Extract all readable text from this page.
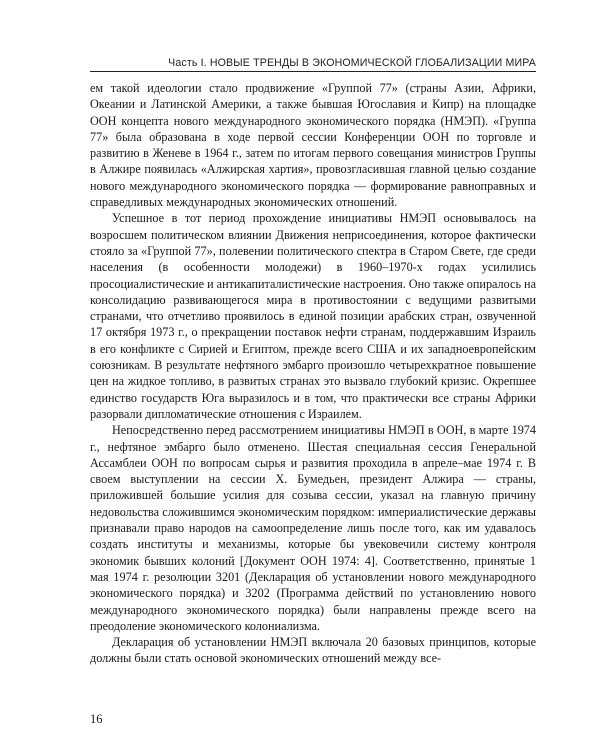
Часть I. НОВЫЕ ТРЕНДЫ В ЭКОНОМИЧЕСКОЙ ГЛОБАЛИЗАЦИИ МИРА

ем такой идеологии стало продвижение «Группой 77» (страны Азии, Африки, Океании и Латинской Америки, а также бывшая Югославия и Кипр) на площадке ООН концепта нового международного экономического порядка (НМЭП). «Группа 77» была образована в ходе первой сессии Конференции ООН по торговле и развитию в Женеве в 1964 г., затем по итогам первого совещания министров Группы в Алжире появилась «Алжирская хартия», провозгласившая главной целью создание нового международного экономического порядка — формирование равноправных и справедливых международных экономических отношений.

Успешное в тот период прохождение инициативы НМЭП основывалось на возросшем политическом влиянии Движения неприсоединения, которое фактически стояло за «Группой 77», полевении политического спектра в Старом Свете, где среди населения (в особенности молодежи) в 1960–1970-х годах усилились просоциалистические и антикапиталистические настроения. Оно также опиралось на консолидацию развивающегося мира в противостоянии с ведущими развитыми странами, что отчетливо проявилось в единой позиции арабских стран, озвученной 17 октября 1973 г., о прекращении поставок нефти странам, поддержавшим Израиль в его конфликте с Сирией и Египтом, прежде всего США и их западноевропейским союзникам. В результате нефтяного эмбарго произошло четырехкратное повышение цен на жидкое топливо, в развитых странах это вызвало глубокий кризис. Окрепшее единство государств Юга выразилось и в том, что практически все страны Африки разорвали дипломатические отношения с Израилем.

Непосредственно перед рассмотрением инициативы НМЭП в ООН, в марте 1974 г., нефтяное эмбарго было отменено. Шестая специальная сессия Генеральной Ассамблеи ООН по вопросам сырья и развития проходила в апреле–мае 1974 г. В своем выступлении на сессии Х. Бумедьен, президент Алжира — страны, приложившей большие усилия для созыва сессии, указал на главную причину недовольства сложившимся экономическим порядком: империалистические державы признавали право народов на самоопределение лишь после того, как им удавалось создать институты и механизмы, которые бы увековечили систему контроля экономик бывших колоний [Документ ООН 1974: 4]. Соответственно, принятые 1 мая 1974 г. резолюции 3201 (Декларация об установлении нового международного экономического порядка) и 3202 (Программа действий по установлению нового международного экономического порядка) были направлены прежде всего на преодоление экономического колониализма.

Декларация об установлении НМЭП включала 20 базовых принципов, которые должны были стать основой экономических отношений между все-

16
